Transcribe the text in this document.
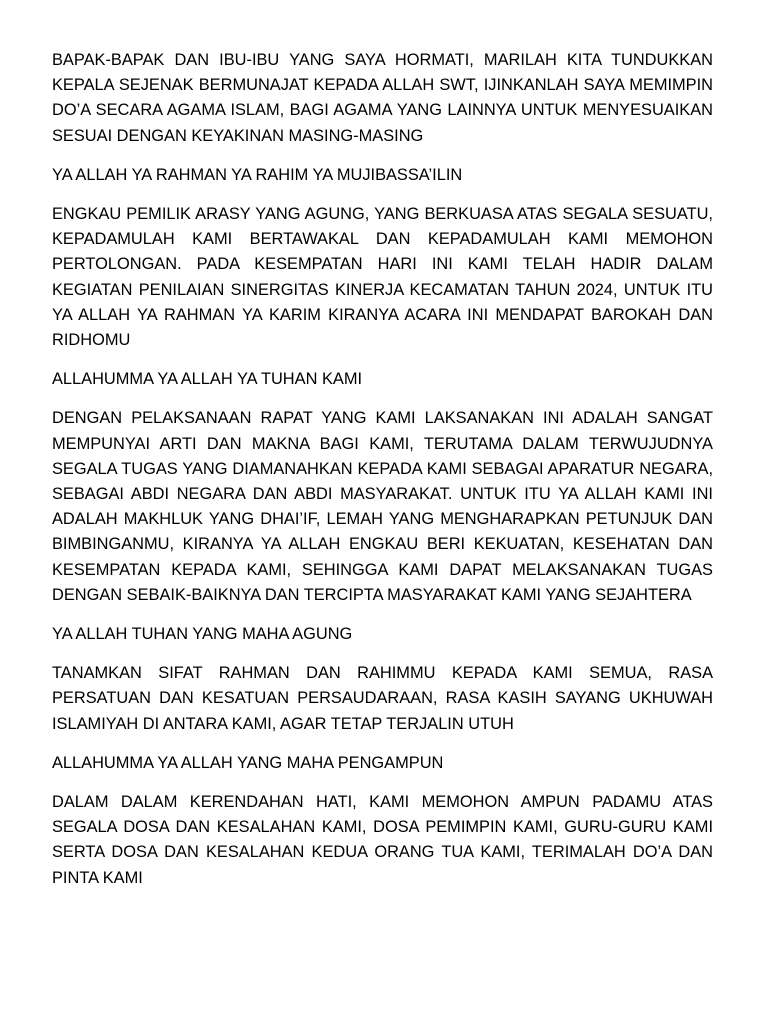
BAPAK-BAPAK DAN IBU-IBU YANG SAYA HORMATI, MARILAH KITA TUNDUKKAN KEPALA SEJENAK BERMUNAJAT KEPADA ALLAH SWT, IJINKANLAH SAYA MEMIMPIN DO’A SECARA AGAMA ISLAM, BAGI AGAMA YANG LAINNYA UNTUK MENYESUAIKAN SESUAI DENGAN KEYAKINAN MASING-MASING

YA ALLAH YA RAHMAN YA RAHIM YA MUJIBASSA’ILIN

ENGKAU PEMILIK ARASY YANG AGUNG, YANG BERKUASA ATAS SEGALA SESUATU, KEPADAMULAH KAMI BERTAWAKAL DAN KEPADAMULAH KAMI MEMOHON PERTOLONGAN. PADA KESEMPATAN HARI INI KAMI TELAH HADIR DALAM KEGIATAN PENILAIAN SINERGITAS KINERJA KECAMATAN TAHUN 2024, UNTUK ITU YA ALLAH YA RAHMAN YA KARIM KIRANYA ACARA INI MENDAPAT BAROKAH DAN RIDHOMU

ALLAHUMMA YA ALLAH YA TUHAN KAMI

DENGAN PELAKSANAAN RAPAT YANG KAMI LAKSANAKAN INI ADALAH SANGAT MEMPUNYAI ARTI DAN MAKNA BAGI KAMI, TERUTAMA DALAM TERWUJUDNYA SEGALA TUGAS YANG DIAMANAHKAN KEPADA KAMI SEBAGAI APARATUR NEGARA, SEBAGAI ABDI NEGARA DAN ABDI MASYARAKAT. UNTUK ITU YA ALLAH KAMI INI ADALAH MAKHLUK YANG DHAI’IF, LEMAH YANG MENGHARAPKAN PETUNJUK DAN BIMBINGANMU, KIRANYA YA ALLAH ENGKAU BERI KEKUATAN, KESEHATAN DAN KESEMPATAN KEPADA KAMI, SEHINGGA KAMI DAPAT MELAKSANAKAN TUGAS DENGAN SEBAIK-BAIKNYA DAN TERCIPTA MASYARAKAT KAMI YANG SEJAHTERA

YA ALLAH TUHAN YANG MAHA AGUNG

TANAMKAN SIFAT RAHMAN DAN RAHIMMU KEPADA KAMI SEMUA, RASA PERSATUAN DAN KESATUAN PERSAUDARAAN, RASA KASIH SAYANG UKHUWAH ISLAMIYAH DI ANTARA KAMI, AGAR TETAP TERJALIN UTUH

ALLAHUMMA YA ALLAH YANG MAHA PENGAMPUN

DALAM DALAM KERENDAHAN HATI, KAMI MEMOHON AMPUN PADAMU ATAS SEGALA DOSA DAN KESALAHAN KAMI, DOSA PEMIMPIN KAMI, GURU-GURU KAMI SERTA DOSA DAN KESALAHAN KEDUA ORANG TUA KAMI, TERIMALAH DO’A DAN PINTA KAMI
